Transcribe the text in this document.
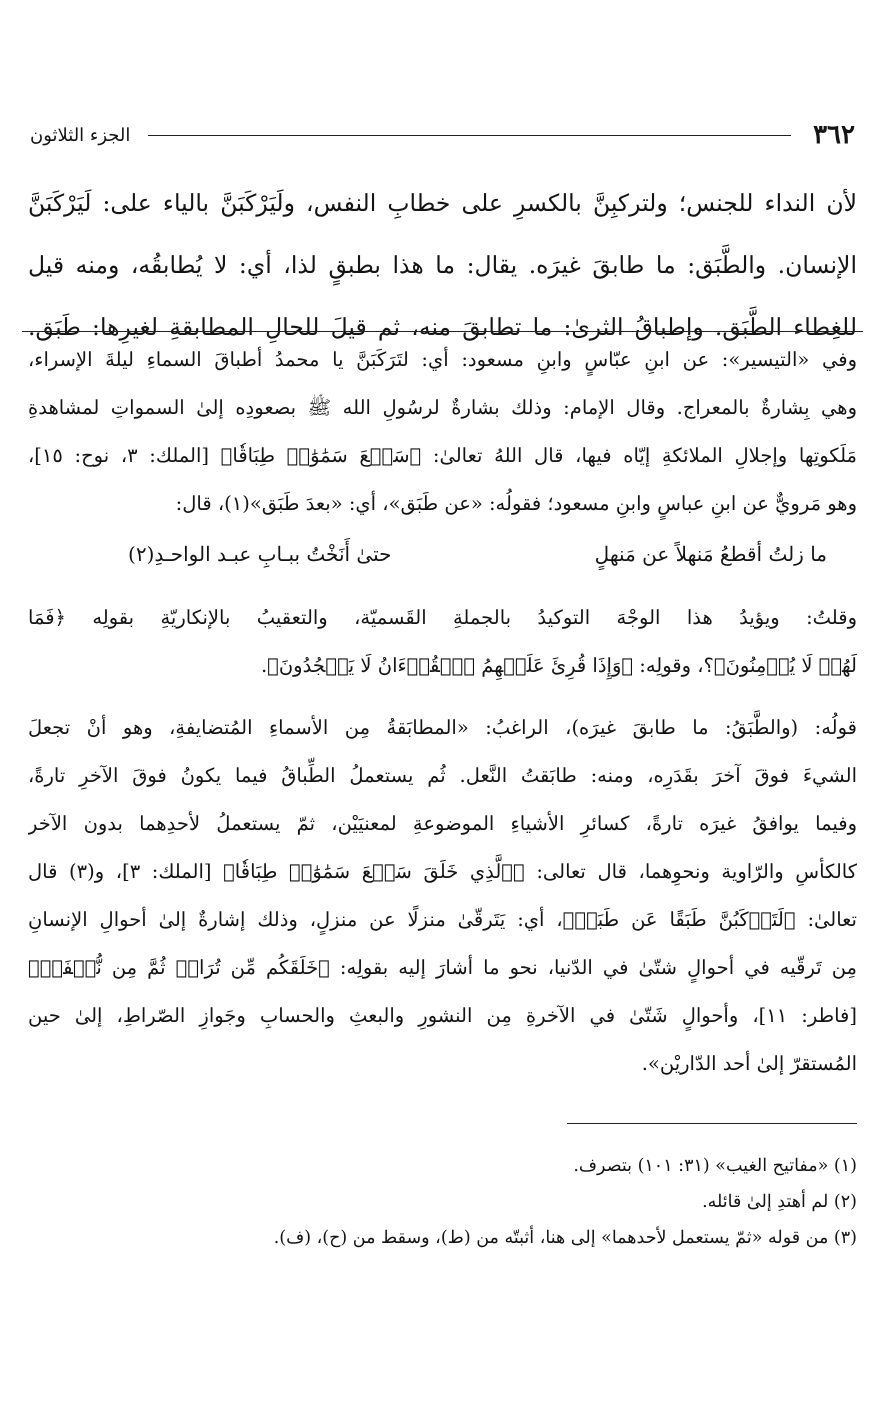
٣٦٢
الجزء الثلاثون

لأن النداء للجنس؛ ولتركبِنَّ بالكسرِ على خطابِ النفس، ولَيَرْكَبَنَّ بالياء على: لَيَرْكَبَنَّ

الإنسان. والطَّبَق: ما طابقَ غيرَه. يقال: ما هذا بطبقٍ لذا، أي: لا يُطابقُه، ومنه قيل

للغِطاء الطَّبَق. وإطباقُ الثرىٰ: ما تطابقَ منه، ثم قيلَ للحالِ المطابقةِ لغيرِها: طَبَق.

وفي «التيسير»: عن ابنِ عبّاسٍ وابنِ مسعود: أي: لتَرَكَبَنَّ يا محمدُ أطباقَ السماءِ ليلةَ الإسراء،
وهي بِشارةٌ بالمعراج. وقال الإمام: وذلك بشارةٌ لرسُولِ الله ﷺ بصعودِه إلىٰ السمواتِ لمشاهدةِ
مَلَكوتِها وإجلالِ الملائكةِ إيّاه فيها، قال اللهُ تعالىٰ: ﴿سَبۡعَ سَمَٰوَٰتٖ طِبَاقٗا﴾ [الملك: ٣، نوح: ١٥]،
وهو مَرويٌّ عن ابنِ عباسٍ وابنِ مسعود؛ فقولُه: «عن طَبَق»، أي: «بعدَ طَبَق»(١)، قال:
ما زلتُ أقطعُ مَنهلاً عن مَنهلٍ
حتىٰ أَنَخْتُ ببـابِ عبـد الواحـدِ(٢)
وقلتُ: ويؤيدُ هذا الوجْهَ التوكيدُ بالجملةِ القَسميّة، والتعقيبُ بالإنكاريّةِ بقولِه ﴿فَمَا
لَهُمۡ لَا يُؤۡمِنُونَ﴾؟، وقولِه: ﴿وَإِذَا قُرِئَ عَلَيۡهِمُ ٱلۡقُرۡءَانُ لَا يَسۡجُدُونَ﴾.
قولُه: (والطَّبَقُ: ما طابقَ غيرَه)، الراغبُ: «المطابَقةُ مِن الأسماءِ المُتضايفةِ، وهو أنْ تجعلَ
الشيءَ فوقَ آخرَ بقَدَرِه، ومنه: طابَقتُ النَّعل. ثُم يستعملُ الطِّباقُ فيما يكونُ فوقَ الآخرِ تارةً،
وفيما يوافقُ غيرَه تارةً، كسائرِ الأشياءِ الموضوعةِ لمعنيَيْن، ثمّ يستعملُ لأحدِهما بدون الآخر
كالكأسِ والرّاوية ونحوِهما، قال تعالى: ﴿ٱلَّذِي خَلَقَ سَبۡعَ سَمَٰوَٰتٖ طِبَاقٗا﴾ [الملك: ٣]، و(٣) قال
تعالىٰ: ﴿لَتَرۡكَبُنَّ طَبَقًا عَن طَبَقٖ﴾، أي: يَتَرقّىٰ منزلًا عن منزلٍ، وذلك إشارةٌ إلىٰ أحوالِ الإنسانِ
مِن تَرقّيه في أحوالٍ شتّىٰ في الدّنيا، نحو ما أشارَ إليه بقولِه: ﴿خَلَقَكُم مِّن تُرَابٖ ثُمَّ مِن نُّطۡفَةٖ﴾
[فاطر: ١١]، وأحوالٍ شَتّىٰ في الآخرةِ مِن النشورِ والبعثِ والحسابِ وجَوازِ الصّراطِ، إلىٰ حين
المُستقرّ إلىٰ أحد الدّاريْن».
(١) «مفاتيح الغيب» (٣١: ١٠١) بتصرف.
(٢) لم أهتدِ إلىٰ قائله.
(٣) من قوله «ثمّ يستعمل لأحدهما» إلى هنا، أثبتّه من (ط)، وسقط من (ح)، (ف).
